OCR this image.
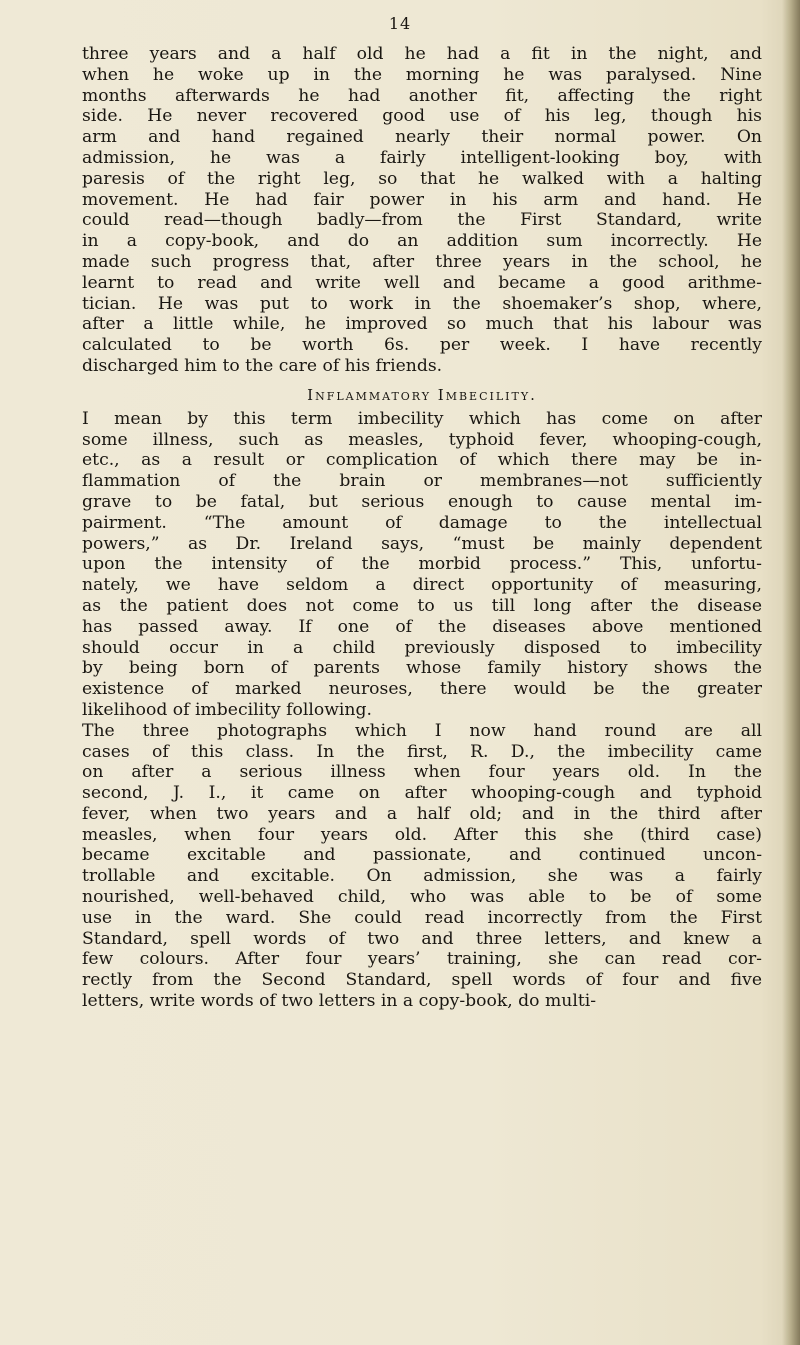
14
three years and a half old he had a fit in the night, and
when he woke up in the morning he was paralysed. Nine
months afterwards he had another fit, affecting the right
side. He never recovered good use of his leg, though his
arm and hand regained nearly their normal power. On
admission, he was a fairly intelligent-looking boy, with
paresis of the right leg, so that he walked with a halting
movement. He had fair power in his arm and hand. He
could read—though badly—from the First Standard, write
in a copy-book, and do an addition sum incorrectly. He
made such progress that, after three years in the school, he
learnt to read and write well and became a good arithme-
tician. He was put to work in the shoemaker’s shop, where,
after a little while, he improved so much that his labour was
calculated to be worth 6s. per week. I have recently
discharged him to the care of his friends.
Inflammatory Imbecility.
I mean by this term imbecility which has come on after
some illness, such as measles, typhoid fever, whooping-cough,
etc., as a result or complication of which there may be in-
flammation of the brain or membranes—not sufficiently
grave to be fatal, but serious enough to cause mental im-
pairment. “The amount of damage to the intellectual
powers,” as Dr. Ireland says, “must be mainly dependent
upon the intensity of the morbid process.” This, unfortu-
nately, we have seldom a direct opportunity of measuring,
as the patient does not come to us till long after the disease
has passed away. If one of the diseases above mentioned
should occur in a child previously disposed to imbecility
by being born of parents whose family history shows the
existence of marked neuroses, there would be the greater
likelihood of imbecility following.
The three photographs which I now hand round are all
cases of this class. In the first, R. D., the imbecility came
on after a serious illness when four years old. In the
second, J. I., it came on after whooping-cough and typhoid
fever, when two years and a half old; and in the third after
measles, when four years old. After this she (third case)
became excitable and passionate, and continued uncon-
trollable and excitable. On admission, she was a fairly
nourished, well-behaved child, who was able to be of some
use in the ward. She could read incorrectly from the First
Standard, spell words of two and three letters, and knew a
few colours. After four years’ training, she can read cor-
rectly from the Second Standard, spell words of four and five
letters, write words of two letters in a copy-book, do multi-
